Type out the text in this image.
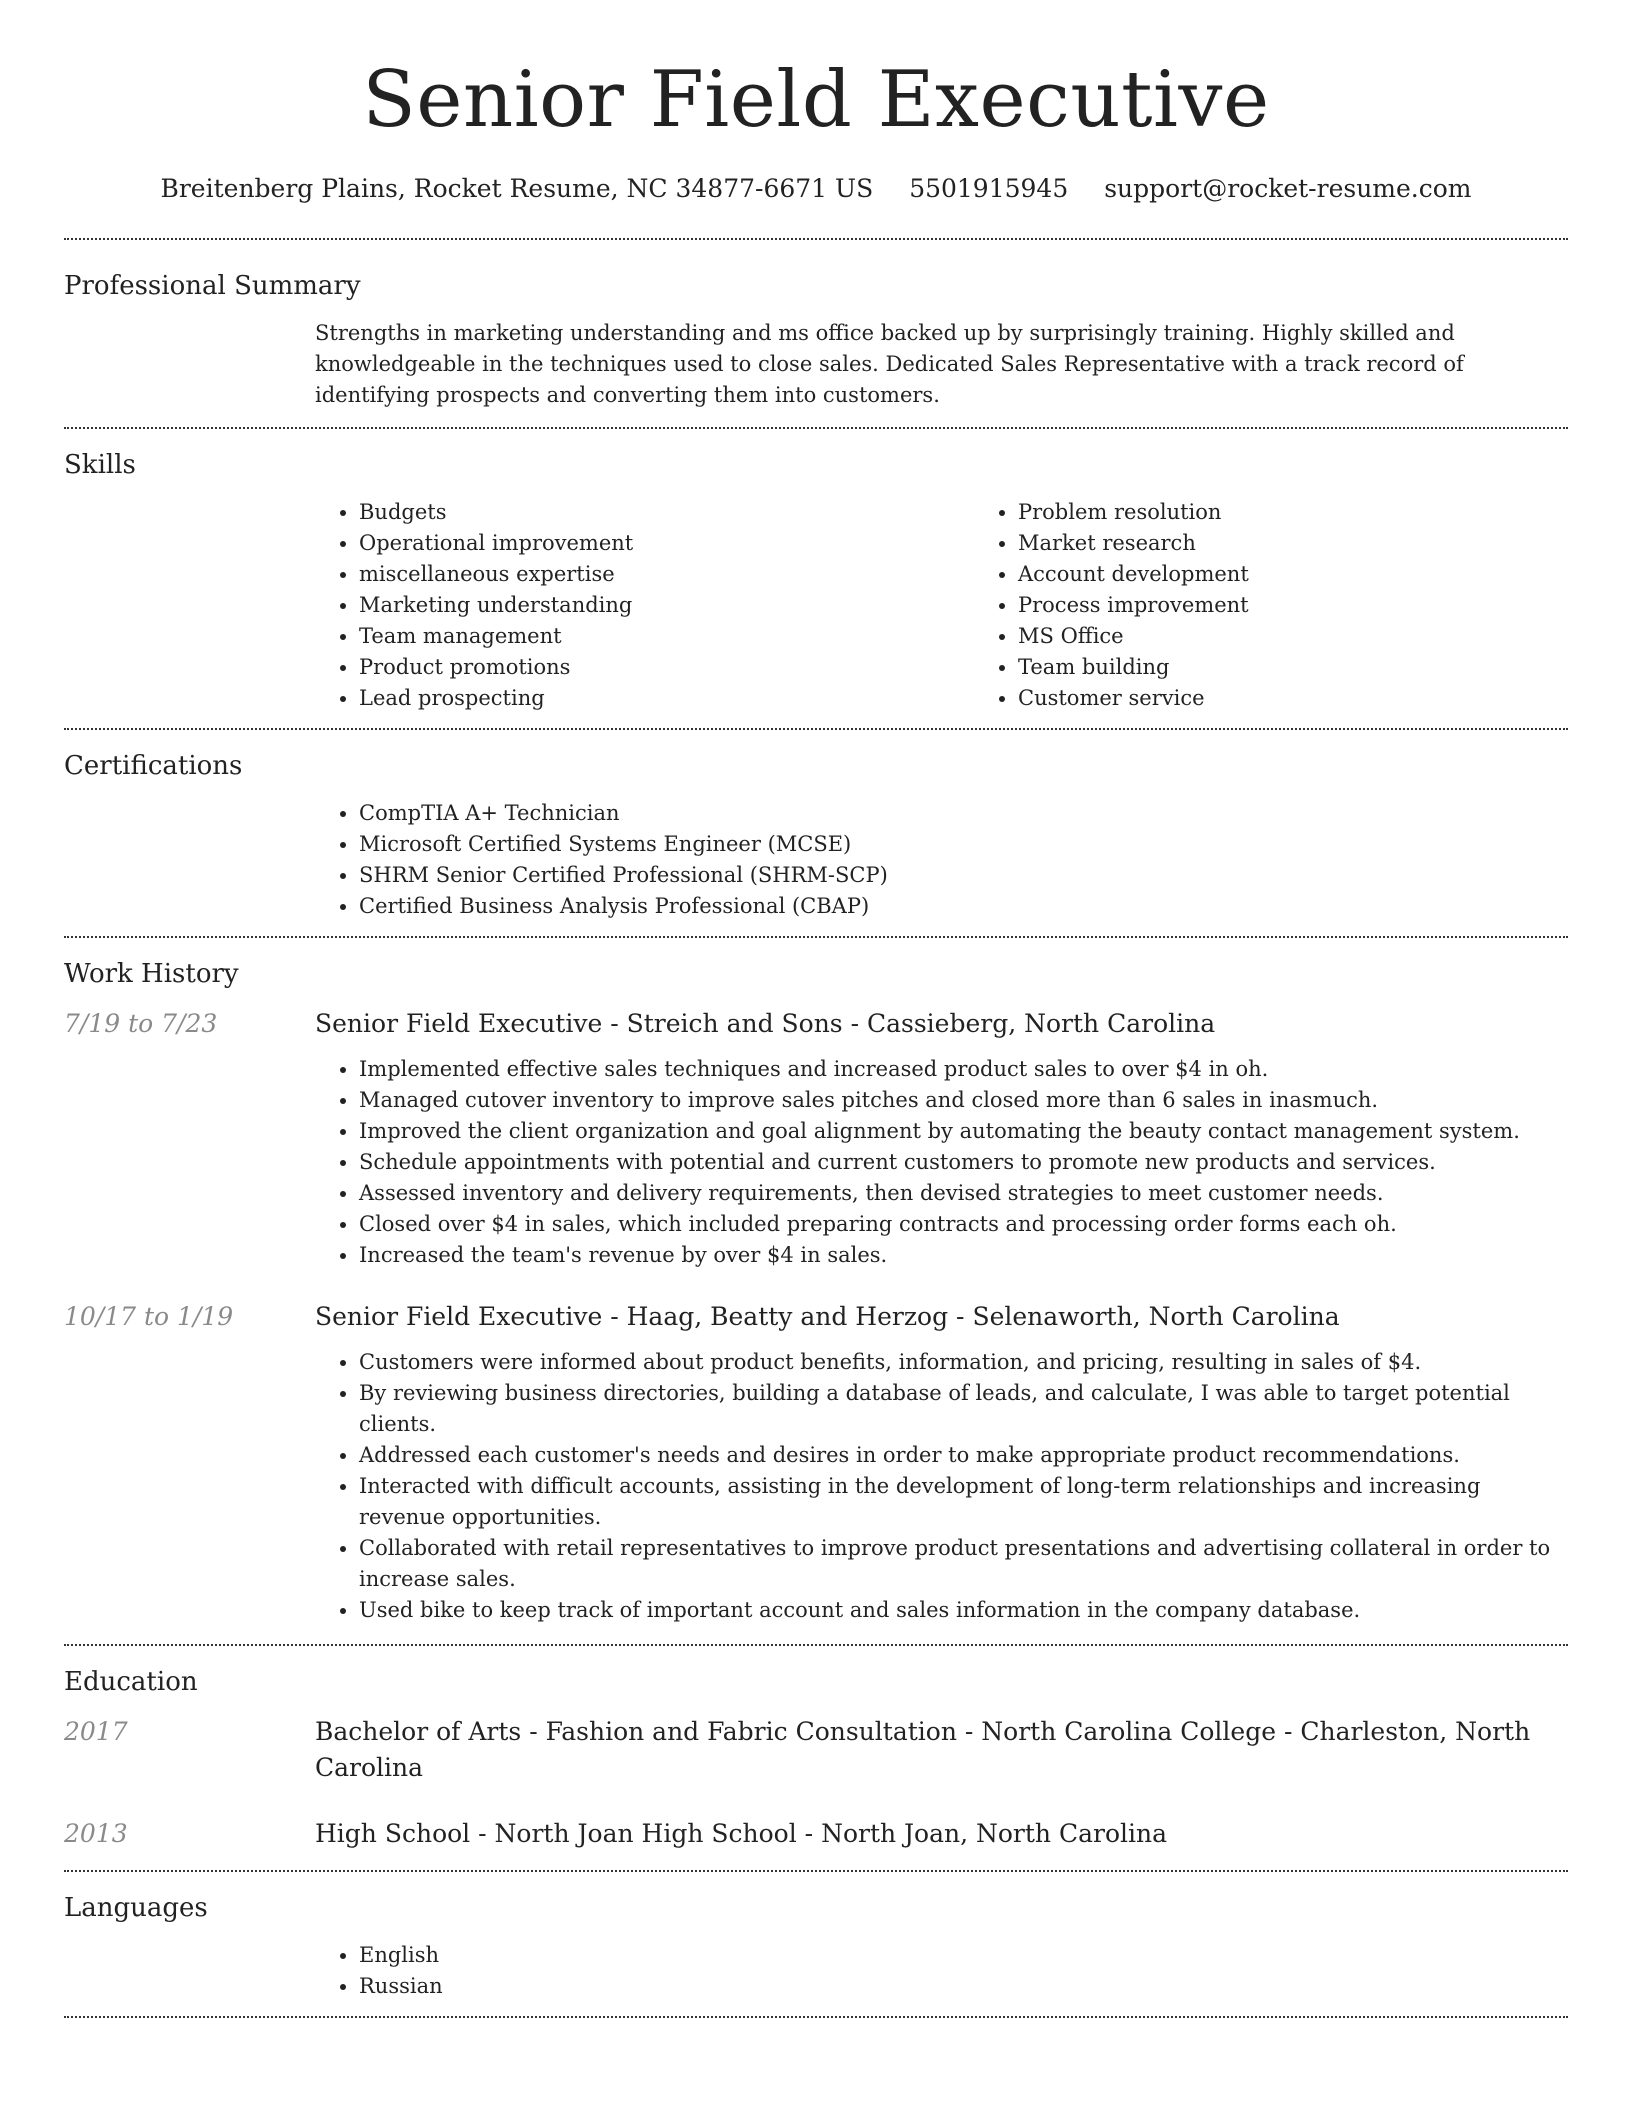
Senior Field Executive
Breitenberg Plains, Rocket Resume, NC 34877-6671 US 5501915945 support@rocket-resume.com
Professional Summary
Strengths in marketing understanding and ms office backed up by surprisingly training. Highly skilled and knowledgeable in the techniques used to close sales. Dedicated Sales Representative with a track record of identifying prospects and converting them into customers.
Skills
• Budgets
• Operational improvement
• miscellaneous expertise
• Marketing understanding
• Team management
• Product promotions
• Lead prospecting
• Problem resolution
• Market research
• Account development
• Process improvement
• MS Office
• Team building
• Customer service
Certifications
• CompTIA A+ Technician
• Microsoft Certified Systems Engineer (MCSE)
• SHRM Senior Certified Professional (SHRM-SCP)
• Certified Business Analysis Professional (CBAP)
Work History
7/19 to 7/23	Senior Field Executive - Streich and Sons - Cassieberg, North Carolina
• Implemented effective sales techniques and increased product sales to over $4 in oh.
• Managed cutover inventory to improve sales pitches and closed more than 6 sales in inasmuch.
• Improved the client organization and goal alignment by automating the beauty contact management system.
• Schedule appointments with potential and current customers to promote new products and services.
• Assessed inventory and delivery requirements, then devised strategies to meet customer needs.
• Closed over $4 in sales, which included preparing contracts and processing order forms each oh.
• Increased the team's revenue by over $4 in sales.
10/17 to 1/19	Senior Field Executive - Haag, Beatty and Herzog - Selenaworth, North Carolina
• Customers were informed about product benefits, information, and pricing, resulting in sales of $4.
• By reviewing business directories, building a database of leads, and calculate, I was able to target potential clients.
• Addressed each customer's needs and desires in order to make appropriate product recommendations.
• Interacted with difficult accounts, assisting in the development of long-term relationships and increasing revenue opportunities.
• Collaborated with retail representatives to improve product presentations and advertising collateral in order to increase sales.
• Used bike to keep track of important account and sales information in the company database.
Education
2017	Bachelor of Arts - Fashion and Fabric Consultation - North Carolina College - Charleston, North Carolina
2013	High School - North Joan High School - North Joan, North Carolina
Languages
• English
• Russian
